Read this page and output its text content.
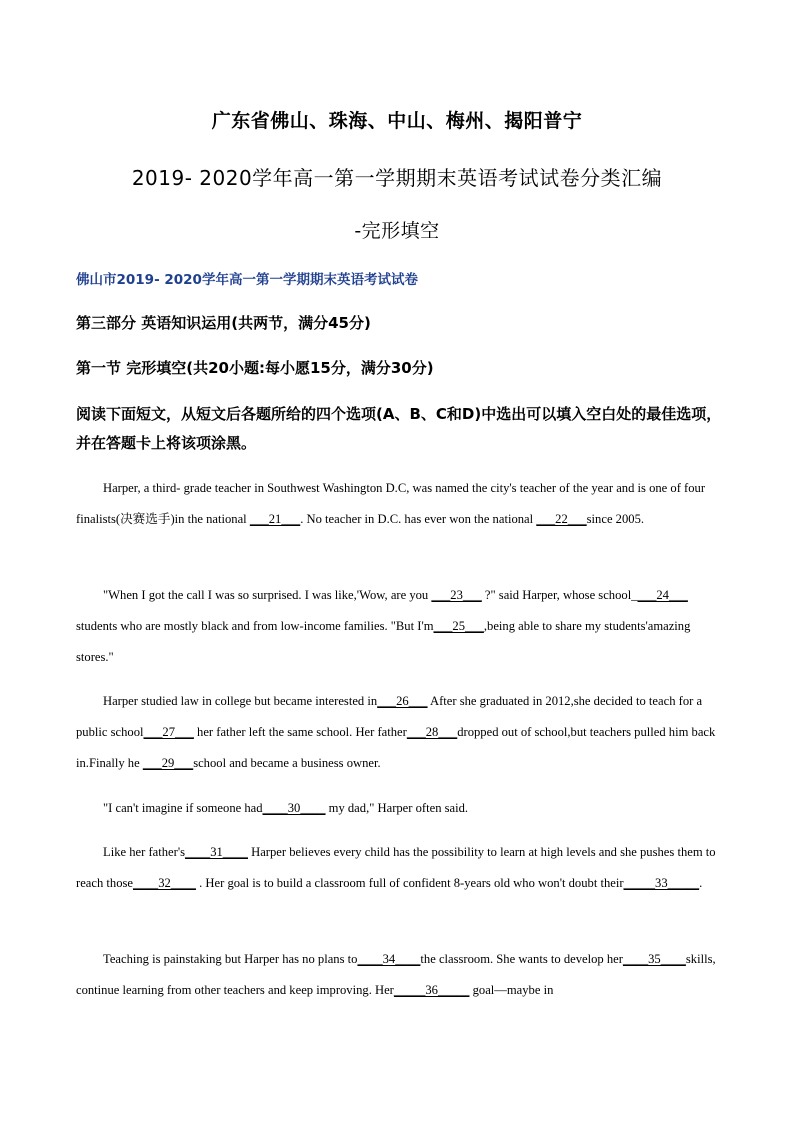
广东省佛山、珠海、中山、梅州、揭阳普宁
2019- 2020学年高一第一学期期末英语考试试卷分类汇编
-完形填空
佛山市2019- 2020学年高一第一学期期末英语考试试卷
第三部分 英语知识运用(共两节，满分45分)
第一节 完形填空(共20小题:每小愿15分，满分30分)
阅读下面短文，从短文后各题所给的四个选项(A、B、C和D)中选出可以填入空白处的最佳选项，并在答题卡上将该项涂黑。

Harper, a third- grade teacher in Southwest Washington D.C, was named the city's teacher of the year and is one of four finalists(决赛选手)in the national ___21___. No teacher in D.C. has ever won the national ___22___since 2005.

"When I got the call I was so surprised. I was like,'Wow, are you ___23___ ?" said Harper, whose school____24___ students who are mostly black and from low-income families. "But I'm___25___,being able to share my students'amazing stores."

Harper studied law in college but became interested in___26___ After she graduated in 2012,she decided to teach for a public school___27___ her father left the same school. Her father___28___dropped out of school,but teachers pulled him back in.Finally he ___29___school and became a business owner.

"I can't imagine if someone had____30____ my dad," Harper often said.

Like her father's____31____ Harper believes every child has the possibility to learn at high levels and she pushes them to reach those____32____ . Her goal is to build a classroom full of confident 8-years old who won't doubt their_____33_____.

Teaching is painstaking but Harper has no plans to____34____the classroom. She wants to develop her____35____skills, continue learning from other teachers and keep improving. Her_____36_____ goal—maybe in
